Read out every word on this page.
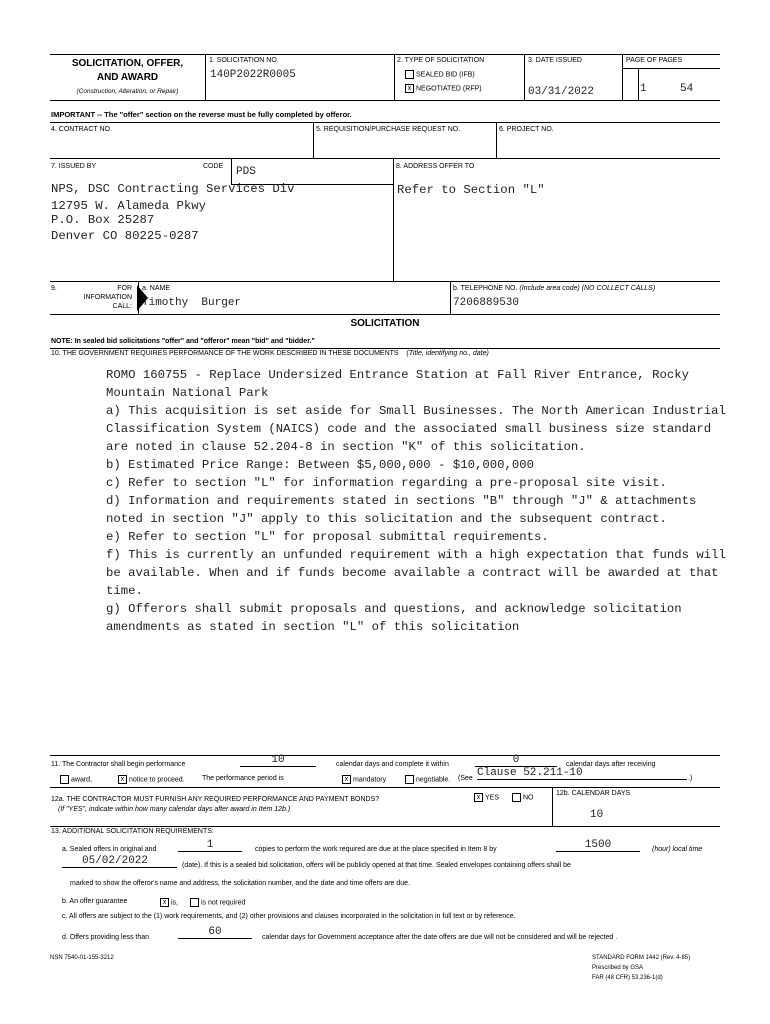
SOLICITATION, OFFER,
AND AWARD
(Construction, Alteration, or Repair)
1. SOLICITATION NO.
140P2022R0005
2. TYPE OF SOLICITATION
SEALED BID (IFB)
x NEGOTIATED (RFP)
3. DATE ISSUED
03/31/2022
PAGE OF PAGES
1	54
IMPORTANT -- The "offer" section on the reverse must be fully completed by offeror.
4. CONTRACT NO.	5. REQUISITION/PURCHASE REQUEST NO.	6. PROJECT NO.
7. ISSUED BY	CODE PDS	8. ADDRESS OFFER TO
NPS, DSC Contracting Services Div
12795 W. Alameda Pkwy
P.O. Box 25287
Denver CO 80225-0287
Refer to Section "L"
9.	FOR
INFORMATION
CALL:
a. NAME
Timothy  Burger
b. TELEPHONE NO. (Include area code) (NO COLLECT CALLS)
7206889530
SOLICITATION
NOTE: In sealed bid solicitations "offer" and "offeror" mean "bid" and "bidder."
10. THE GOVERNMENT REQUIRES PERFORMANCE OF THE WORK DESCRIBED IN THESE DOCUMENTS (Title, identifying no., date)
ROMO 160755 - Replace Undersized Entrance Station at Fall River Entrance, Rocky
Mountain National Park
a) This acquisition is set aside for Small Businesses. The North American Industrial
Classification System (NAICS) code and the associated small business size standard
are noted in clause 52.204-8 in section "K" of this solicitation.
b) Estimated Price Range: Between $5,000,000 - $10,000,000
c) Refer to section "L" for information regarding a pre-proposal site visit.
d) Information and requirements stated in sections "B" through "J" & attachments
noted in section "J" apply to this solicitation and the subsequent contract.
e) Refer to section "L" for proposal submittal requirements.
f) This is currently an unfunded requirement with a high expectation that funds will
be available. When and if funds become available a contract will be awarded at that
time.
g) Offerors shall submit proposals and questions, and acknowledge solicitation
amendments as stated in section "L" of this solicitation
11. The Contractor shall begin performance	10	calendar days and complete it within	0	calendar days after receiving
award,	x notice to proceed. The performance period is	x mandatory	negotiable. (See Clause 52.211-10	.)
12a. THE CONTRACTOR MUST FURNISH ANY REQUIRED PERFORMANCE AND PAYMENT BONDS?
(If "YES", indicate within how many calendar days after award in Item 12b.)
x YES	NO
12b. CALENDAR DAYS
10
13. ADDITIONAL SOLICITATION REQUIREMENTS:
a. Sealed offers in original and	1	copies to perform the work required are due at the place specified in Item 8 by	1500	(hour) local time
05/02/2022	(date). If this is a sealed bid solicitation, offers will be publicly opened at that time. Sealed envelopes containing offers shall be
marked to show the offeror's name and address, the solicitation number, and the date and time offers are due.
b. An offer guarantee	x is,	is not required
c. All offers are subject to the (1) work requirements, and (2) other provisions and clauses incorporated in the solicitation in full text or by reference.
d. Offers providing less than	60	calendar days for Government acceptance after the date offers are due will not be considered and will be rejected .
NSN 7540-01-155-3212	STANDARD FORM 1442 (Rev. 4-85)
Prescribed by GSA
FAR (48 CFR) 53.236-1(d)
